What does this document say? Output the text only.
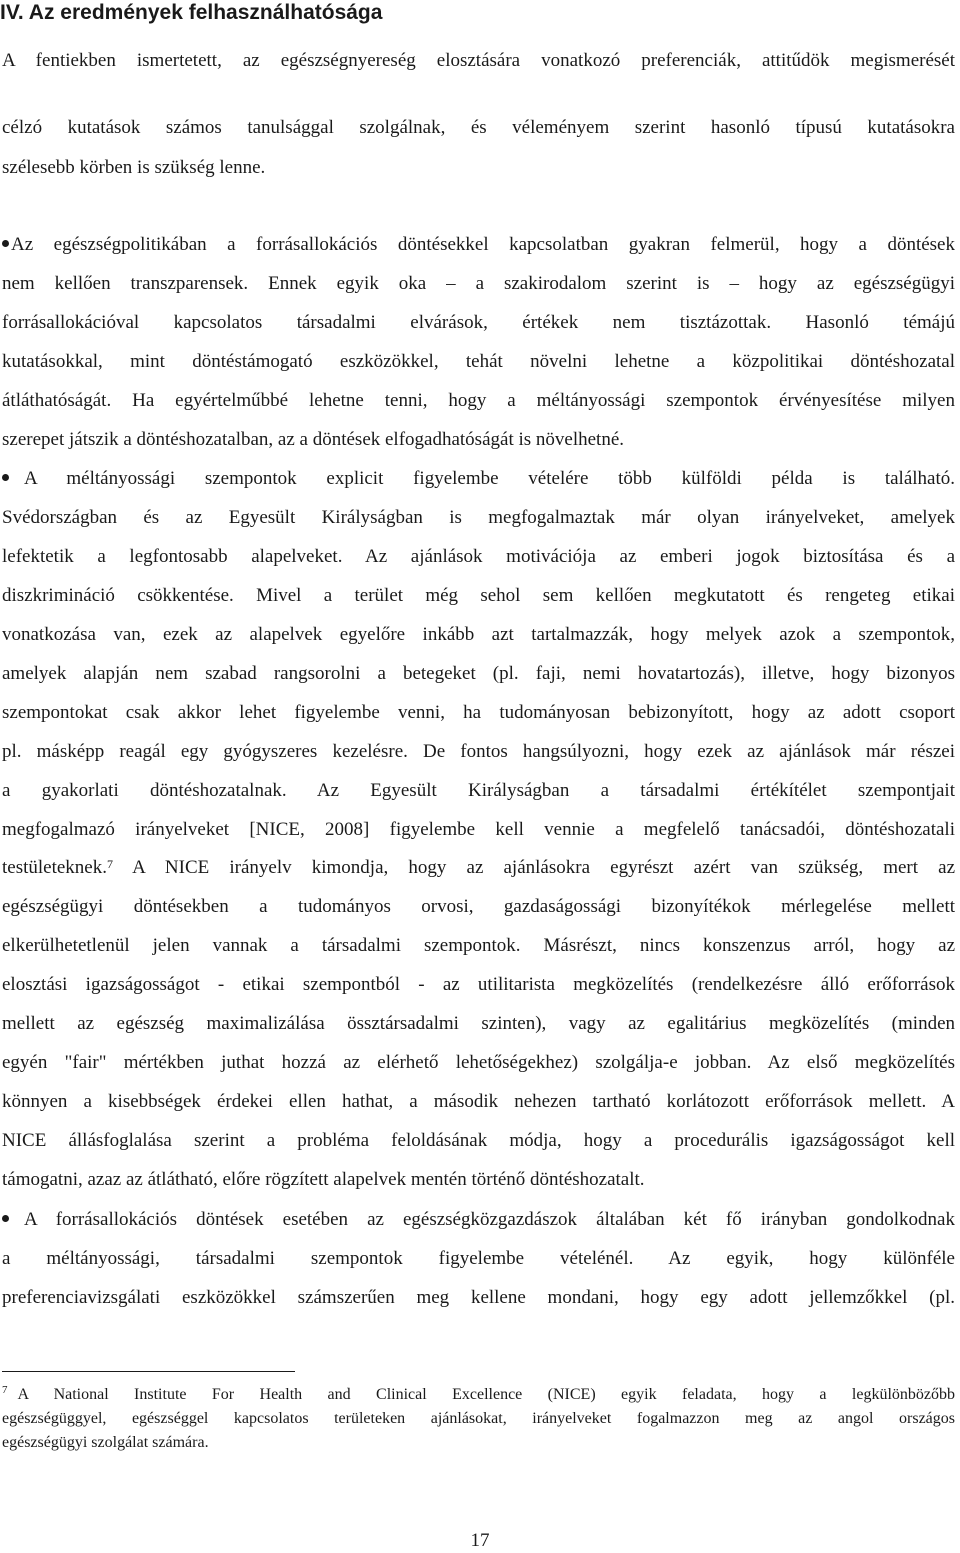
IV. Az eredmények felhasználhatósága
A fentiekben ismertetett, az egészségnyereség elosztására vonatkozó preferenciák, attitűdök megismerését
célzó kutatások számos tanulsággal szolgálnak, és véleményem szerint hasonló típusú kutatásokra
szélesebb körben is szükség lenne.
Az egészségpolitikában a forrásallokációs döntésekkel kapcsolatban gyakran felmerül, hogy a döntések
nem kellően transzparensek. Ennek egyik oka – a szakirodalom szerint is – hogy az egészségügyi
forrásallokációval kapcsolatos társadalmi elvárások, értékek nem tisztázottak. Hasonló témájú
kutatásokkal, mint döntéstámogató eszközökkel, tehát növelni lehetne a közpolitikai döntéshozatal
átláthatóságát. Ha egyértelműbbé lehetne tenni, hogy a méltányossági szempontok érvényesítése milyen
szerepet játszik a döntéshozatalban, az a döntések elfogadhatóságát is növelhetné.
A méltányossági szempontok explicit figyelembe vételére több külföldi példa is található.
Svédországban és az Egyesült Királyságban is megfogalmaztak már olyan irányelveket, amelyek
lefektetik a legfontosabb alapelveket. Az ajánlások motivációja az emberi jogok biztosítása és a
diszkrimináció csökkentése. Mivel a terület még sehol sem kellően megkutatott és rengeteg etikai
vonatkozása van, ezek az alapelvek egyelőre inkább azt tartalmazzák, hogy melyek azok a szempontok,
amelyek alapján nem szabad rangsorolni a betegeket (pl. faji, nemi hovatartozás), illetve, hogy bizonyos
szempontokat csak akkor lehet figyelembe venni, ha tudományosan bebizonyított, hogy az adott csoport
pl. másképp reagál egy gyógyszeres kezelésre. De fontos hangsúlyozni, hogy ezek az ajánlások már részei
a gyakorlati döntéshozatalnak. Az Egyesült Királyságban a társadalmi értékítélet szempontjait
megfogalmazó irányelveket [NICE, 2008] figyelembe kell vennie a megfelelő tanácsadói, döntéshozatali
testületeknek.$^7$ A NICE irányelv kimondja, hogy az ajánlásokra egyrészt azért van szükség, mert az
egészségügyi döntésekben a tudományos orvosi, gazdaságossági bizonyítékok mérlegelése mellett
elkerülhetetlenül jelen vannak a társadalmi szempontok. Másrészt, nincs konszenzus arról, hogy az
elosztási igazságosságot - etikai szempontból - az utilitarista megközelítés (rendelkezésre álló erőforrások
mellett az egészség maximalizálása össztársadalmi szinten), vagy az egalitárius megközelítés (minden
egyén "fair" mértékben juthat hozzá az elérhető lehetőségekhez) szolgálja-e jobban. Az első megközelítés
könnyen a kisebbségek érdekei ellen hathat, a második nehezen tartható korlátozott erőforrások mellett. A
NICE állásfoglalása szerint a probléma feloldásának módja, hogy a procedurális igazságosságot kell
támogatni, azaz az átlátható, előre rögzített alapelvek mentén történő döntéshozatalt.
A forrásallokációs döntések esetében az egészségközgazdászok általában két fő irányban gondolkodnak
a méltányossági, társadalmi szempontok figyelembe vételénél. Az egyik, hogy különféle
preferenciavizsgálati eszközökkel számszerűen meg kellene mondani, hogy egy adott jellemzőkkel (pl.
$^7$ A National Institute For Health and Clinical Excellence (NICE) egyik feladata, hogy a legkülönbözőbb
egészségüggyel, egészséggel kapcsolatos területeken ajánlásokat, irányelveket fogalmazzon meg az angol országos
egészségügyi szolgálat számára.
17
